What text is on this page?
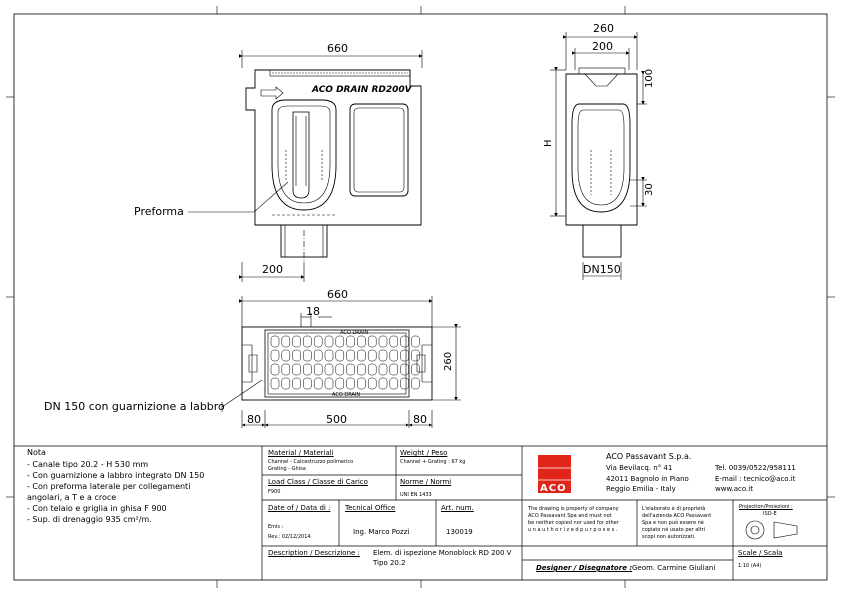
660
ACO DRAIN RD200V
260
200
100
30
H
DN150
200
Preforma
660
18
260
80	500	80
DN 150 con guarnizione a labbro
ACO DRAIN
ACO DRAIN
Nota
- Canale tipo 20.2 - H 530 mm
- Con guarnizione a labbro integrato DN 150
- Con preforma laterale per collegamenti
angolari, a T e a croce
- Con telaio e griglia in ghisa F 900
- Sup. di drenaggio 935 cm²/m.
Material / Materiali
Channel - Calcestruzzo polimerico
Grating - Ghisa
Weight / Peso
Channel + Grating : 67 kg
Load Class / Classe di Carico
F900
Norme / Normi
UNI EN 1433
Date of / Data di :
Emis :
Rev.: 02/12/2014
Tecnical Office
Ing. Marco Pozzi
Art. num.
130019
Description / Descrizione : Elem. di ispezione Monoblock RD 200 V
Tipo 20.2
Designer / Disegnatore : Geom. Carmine Giuliani
Scale / Scala
1:10 (A4)
Projection/Proiezioni :
ISO-E
ACO
ACO Passavant S.p.a.
Via Bevilacq. n° 41
42011 Bagnolo in Piano
Reggio Emilia - Italy
Tel. 0039/0522/958111
E-mail : tecnico@aco.it
www.aco.it
The drawing is property of company
ACO Passavant Spa and must not
be neither copied nor used for other
u n a u t h o r i z e d p u r p o s e s .
L'elaborato è di proprietà
dell'azienda ACO Passavant
Spa e non può essere nè
copiato nè usato per altri
scopi non autorizzati.
